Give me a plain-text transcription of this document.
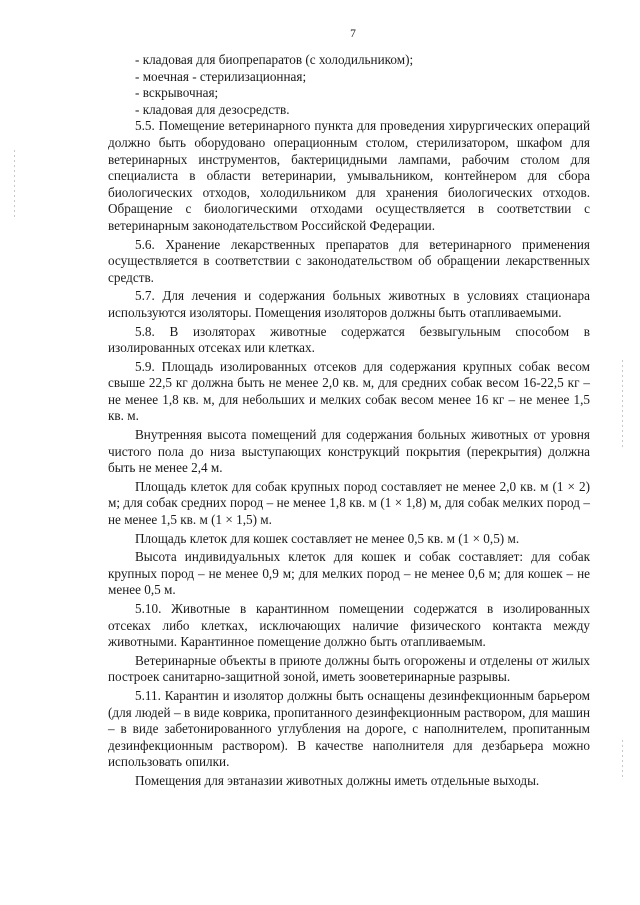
7
- кладовая для биопрепаратов (с холодильником);
- моечная - стерилизационная;
- вскрывочная;
- кладовая для дезосредств.

5.5. Помещение ветеринарного пункта для проведения хирургических операций должно быть оборудовано операционным столом, стерилизатором, шкафом для ветеринарных инструментов, бактерицидными лампами, рабочим столом для специалиста в области ветеринарии, умывальником, контейнером для сбора биологических отходов, холодильником для хранения биологических отходов. Обращение с биологическими отходами осуществляется в соответствии с ветеринарным законодательством Российской Федерации.

5.6. Хранение лекарственных препаратов для ветеринарного применения осуществляется в соответствии с законодательством об обращении лекарственных средств.

5.7. Для лечения и содержания больных животных в условиях стационара используются изоляторы. Помещения изоляторов должны быть отапливаемыми.

5.8. В изоляторах животные содержатся безвыгульным способом в изолированных отсеках или клетках.

5.9. Площадь изолированных отсеков для содержания крупных собак весом свыше 22,5 кг должна быть не менее 2,0 кв. м, для средних собак весом 16-22,5 кг – не менее 1,8 кв. м, для небольших и мелких собак весом менее 16 кг – не менее 1,5 кв. м.

Внутренняя высота помещений для содержания больных животных от уровня чистого пола до низа выступающих конструкций покрытия (перекрытия) должна быть не менее 2,4 м.

Площадь клеток для собак крупных пород составляет не менее 2,0 кв. м (1 × 2) м; для собак средних пород – не менее 1,8 кв. м (1 × 1,8) м, для собак мелких пород – не менее 1,5 кв. м (1 × 1,5) м.

Площадь клеток для кошек составляет не менее 0,5 кв. м (1 × 0,5) м.

Высота индивидуальных клеток для кошек и собак составляет: для собак крупных пород – не менее 0,9 м; для мелких пород – не менее 0,6 м; для кошек – не менее 0,5 м.

5.10. Животные в карантинном помещении содержатся в изолированных отсеках либо клетках, исключающих наличие физического контакта между животными. Карантинное помещение должно быть отапливаемым.

Ветеринарные объекты в приюте должны быть огорожены и отделены от жилых построек санитарно-защитной зоной, иметь зооветеринарные разрывы.

5.11. Карантин и изолятор должны быть оснащены дезинфекционным барьером (для людей – в виде коврика, пропитанного дезинфекционным раствором, для машин – в виде забетонированного углубления на дороге, с наполнителем, пропитанным дезинфекционным раствором). В качестве наполнителя для дезбарьера можно использовать опилки.

Помещения для эвтаназии животных должны иметь отдельные выходы.
